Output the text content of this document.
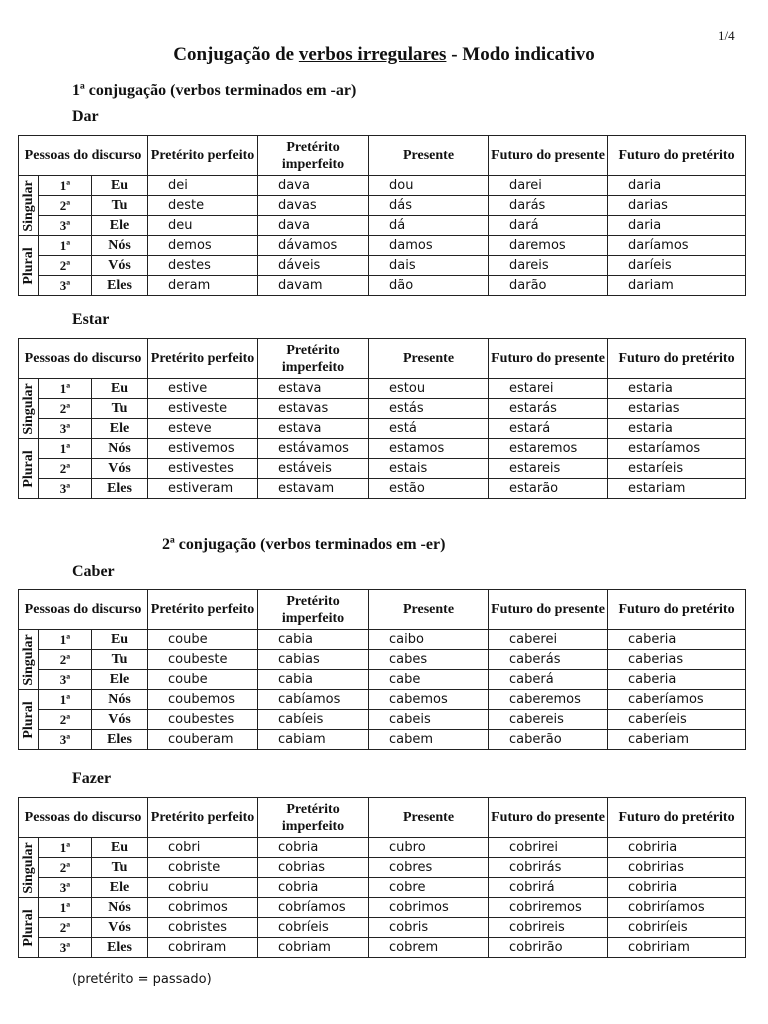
1/4
Conjugação de verbos irregulares - Modo indicativo
1ª conjugação (verbos terminados em -ar)
2ª conjugação (verbos terminados em -er)
Dar
Pessoas do discurso			Pretérito perfeito	Pretérito imperfeito	Presente	Futuro do presente	Futuro do pretérito

Singular	1ª	Eu	dei	dava	dou	darei	daria
	2ª	Tu	deste	davas	dás	darás	darias
	3ª	Ele	deu	dava	dá	dará	daria

Plural	1ª	Nós	demos	dávamos	damos	daremos	daríamos
	2ª	Vós	destes	dáveis	dais	dareis	daríeis
	3ª	Eles	deram	davam	dão	darão	dariam
Estar
Pessoas do discurso			Pretérito perfeito	Pretérito imperfeito	Presente	Futuro do presente	Futuro do pretérito

Singular	1ª	Eu	estive	estava	estou	estarei	estaria
	2ª	Tu	estiveste	estavas	estás	estarás	estarias
	3ª	Ele	esteve	estava	está	estará	estaria

Plural	1ª	Nós	estivemos	estávamos	estamos	estaremos	estaríamos
	2ª	Vós	estivestes	estáveis	estais	estareis	estaríeis
	3ª	Eles	estiveram	estavam	estão	estarão	estariam
Caber
Pessoas do discurso			Pretérito perfeito	Pretérito imperfeito	Presente	Futuro do presente	Futuro do pretérito

Singular	1ª	Eu	coube	cabia	caibo	caberei	caberia
	2ª	Tu	coubeste	cabias	cabes	caberás	caberias
	3ª	Ele	coube	cabia	cabe	caberá	caberia

Plural	1ª	Nós	coubemos	cabíamos	cabemos	caberemos	caberíamos
	2ª	Vós	coubestes	cabíeis	cabeis	cabereis	caberíeis
	3ª	Eles	couberam	cabiam	cabem	caberão	caberiam
Fazer
Pessoas do discurso			Pretérito perfeito	Pretérito imperfeito	Presente	Futuro do presente	Futuro do pretérito

Singular	1ª	Eu	cobri	cobria	cubro	cobrirei	cobriria
	2ª	Tu	cobriste	cobrias	cobres	cobrirás	cobririas
	3ª	Ele	cobriu	cobria	cobre	cobrirá	cobriria

Plural	1ª	Nós	cobrimos	cobríamos	cobrimos	cobriremos	cobriríamos
	2ª	Vós	cobristes	cobríeis	cobris	cobrireis	cobriríeis
	3ª	Eles	cobriram	cobriam	cobrem	cobrirão	cobririam
(pretérito = passado)
